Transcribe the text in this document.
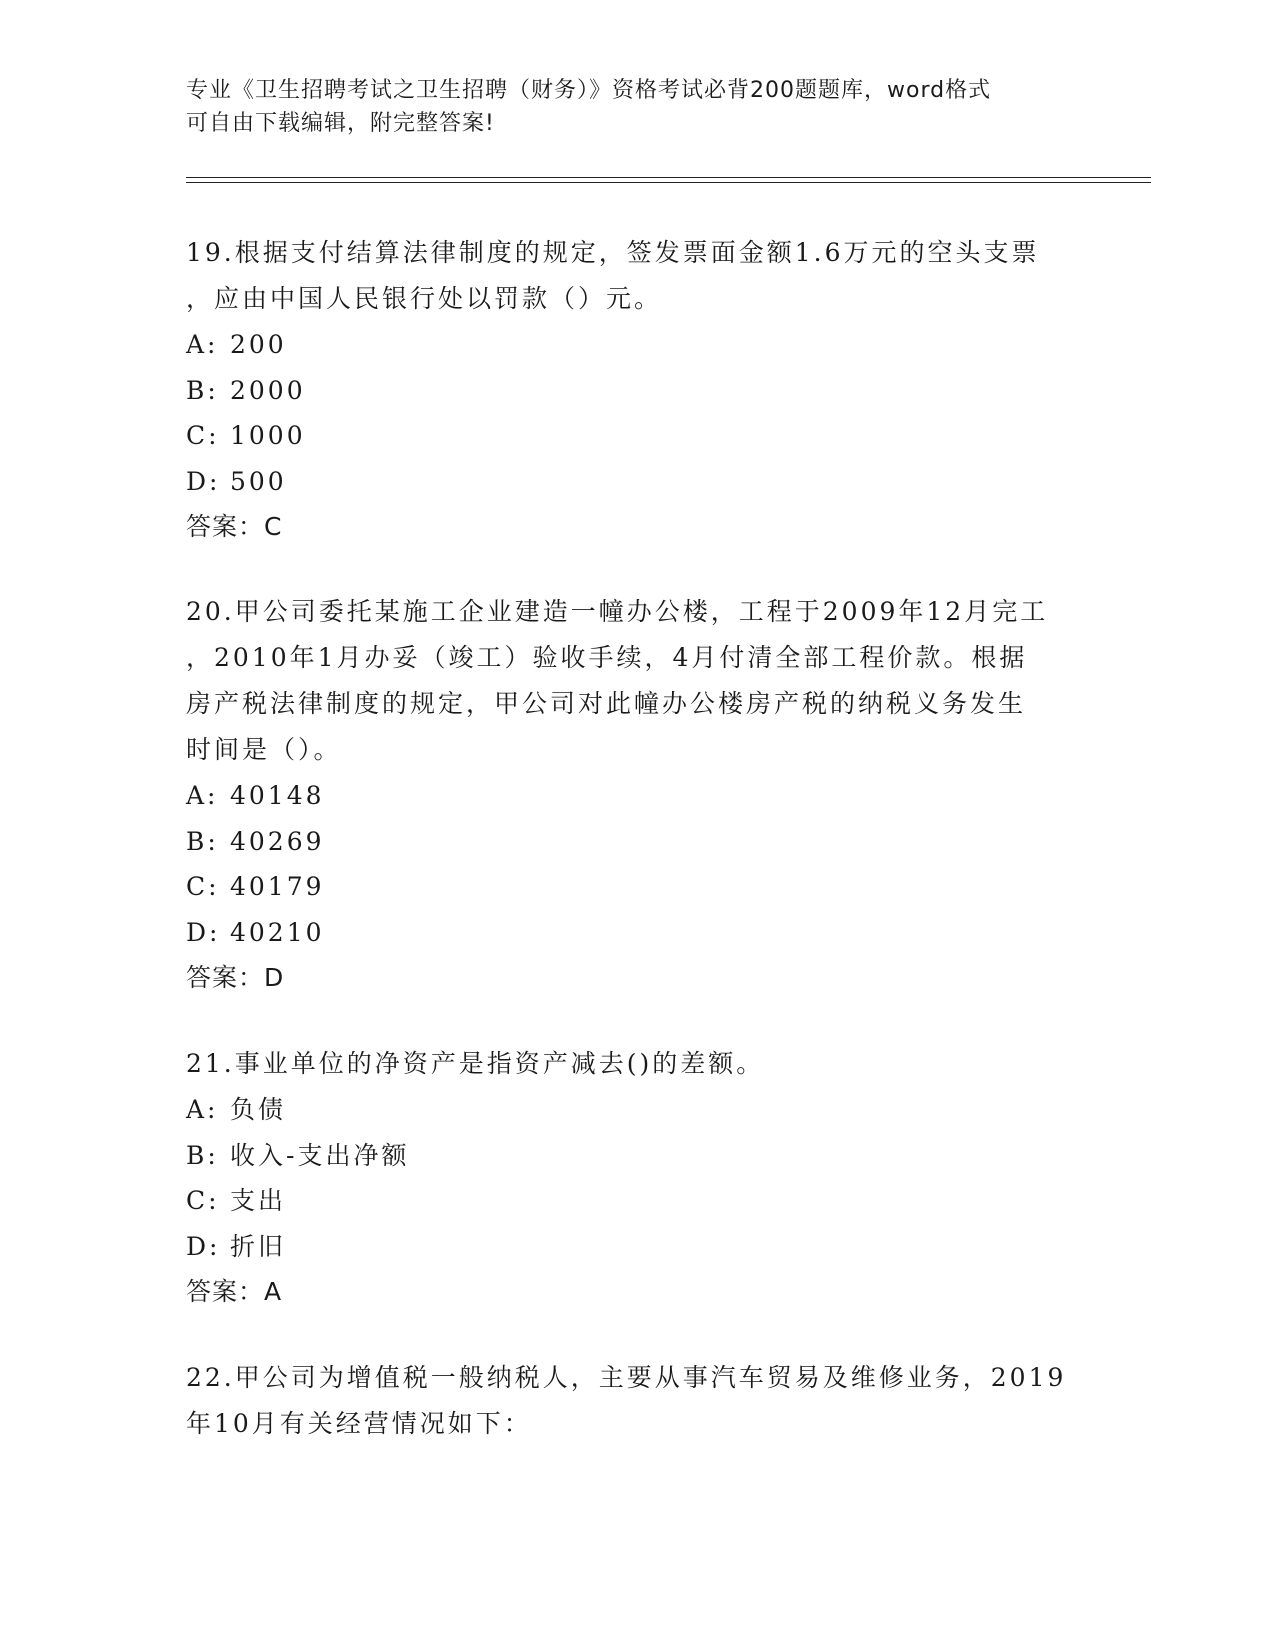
专业《卫生招聘考试之卫生招聘（财务）》资格考试必背200题题库，word格式
可自由下载编辑，附完整答案!
19.根据支付结算法律制度的规定，签发票面金额1.6万元的空头支票
，应由中国人民银行处以罚款（）元。
A: 200
B: 2000
C: 1000
D: 500
答案：C
20.甲公司委托某施工企业建造一幢办公楼，工程于2009年12月完工
，2010年1月办妥（竣工）验收手续，4月付清全部工程价款。根据
房产税法律制度的规定，甲公司对此幢办公楼房产税的纳税义务发生
时间是（）。
A: 40148
B: 40269
C: 40179
D: 40210
答案：D
21.事业单位的净资产是指资产减去()的差额。
A: 负债
B: 收入-支出净额
C: 支出
D: 折旧
答案：A
22.甲公司为增值税一般纳税人，主要从事汽车贸易及维修业务，2019
年10月有关经营情况如下：
